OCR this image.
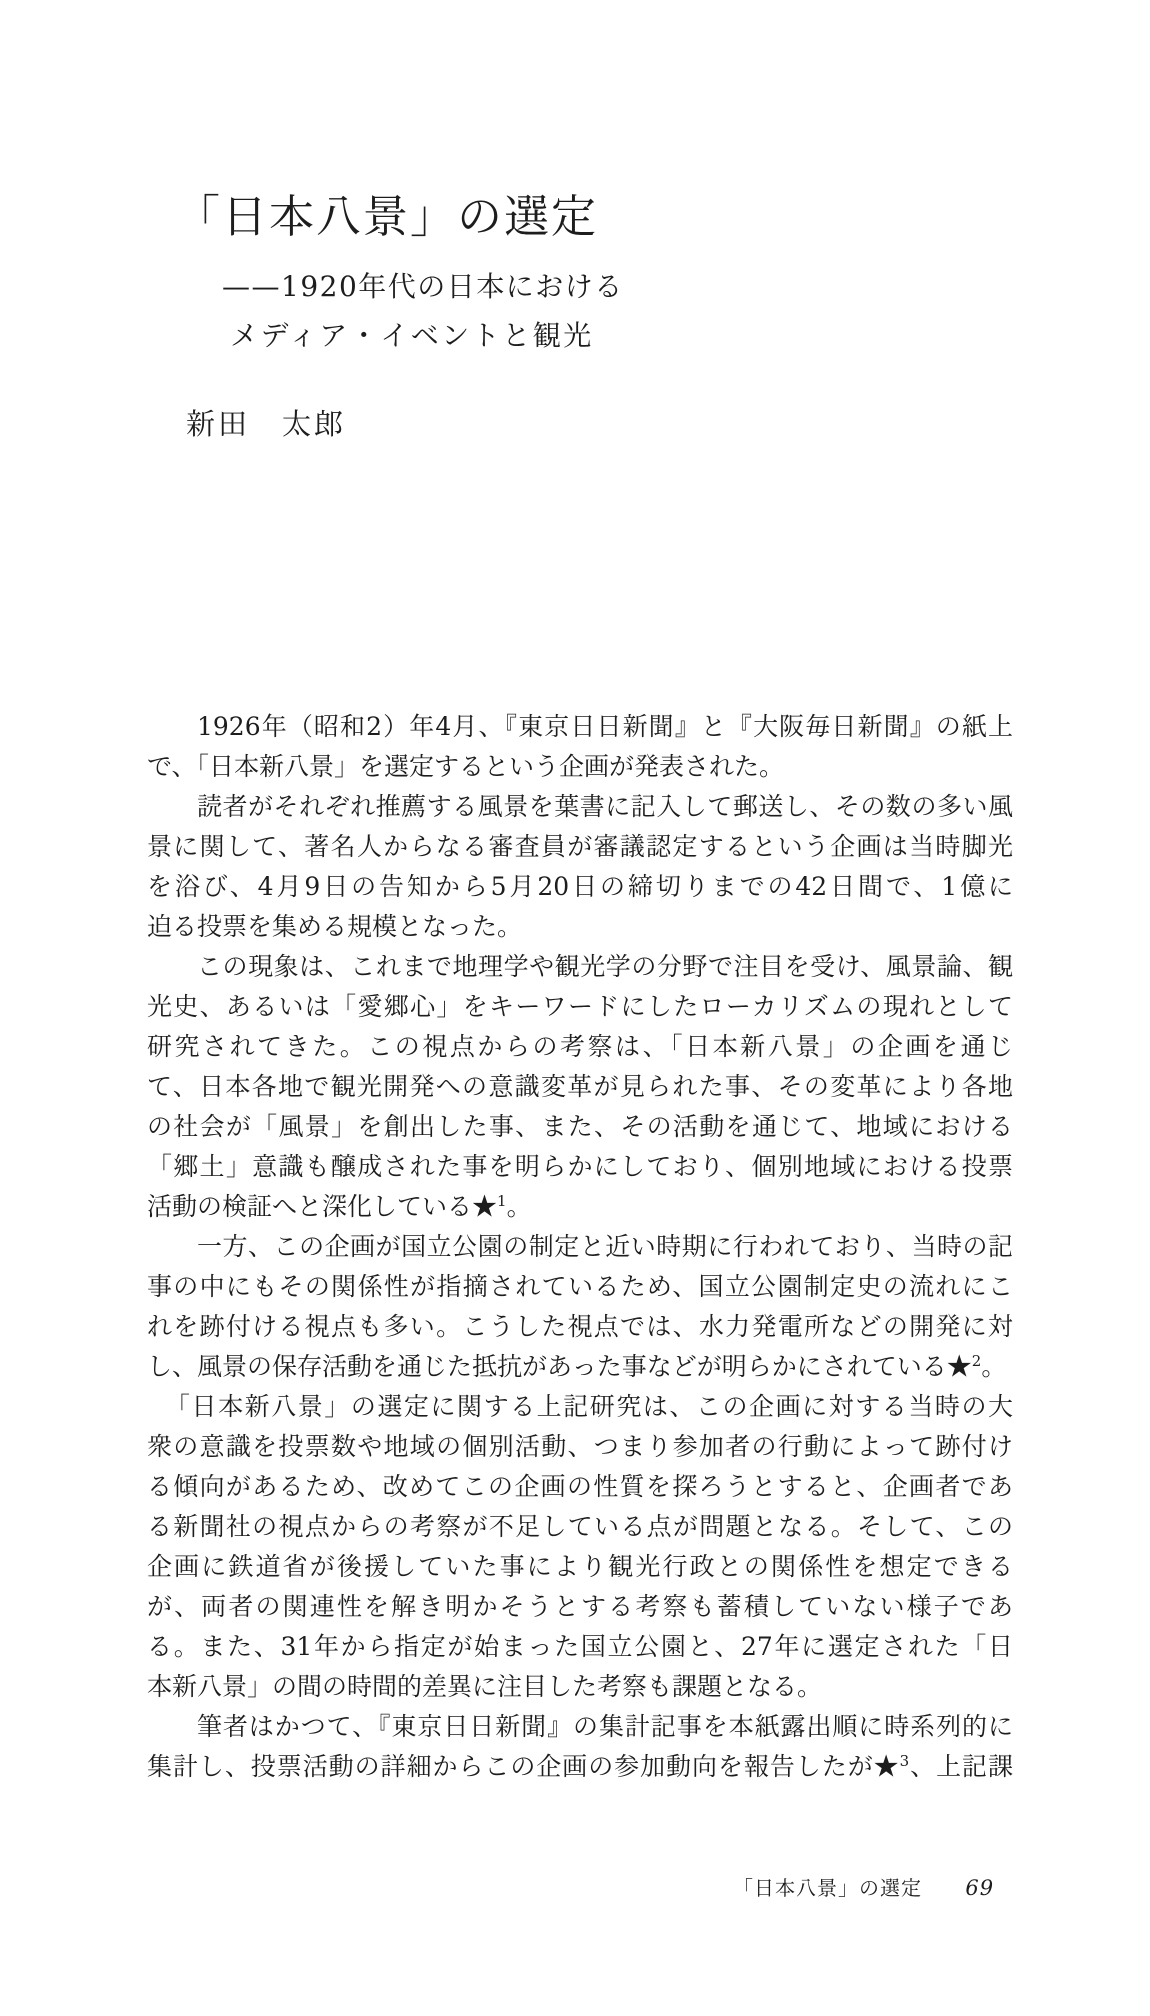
「日本八景」の選定
——1920年代の日本における
メディア・イベントと観光
新田　太郎
1926年（昭和2）年4月、『東京日日新聞』と『大阪毎日新聞』の紙上
で、「日本新八景」を選定するという企画が発表された。
読者がそれぞれ推薦する風景を葉書に記入して郵送し、その数の多い風
景に関して、著名人からなる審査員が審議認定するという企画は当時脚光
を浴び、4月9日の告知から5月20日の締切りまでの42日間で、1億に
迫る投票を集める規模となった。
この現象は、これまで地理学や観光学の分野で注目を受け、風景論、観
光史、あるいは「愛郷心」をキーワードにしたローカリズムの現れとして
研究されてきた。この視点からの考察は、「日本新八景」の企画を通じ
て、日本各地で観光開発への意識変革が見られた事、その変革により各地
の社会が「風景」を創出した事、また、その活動を通じて、地域における
「郷土」意識も醸成された事を明らかにしており、個別地域における投票
活動の検証へと深化している★$^1$。
一方、この企画が国立公園の制定と近い時期に行われており、当時の記
事の中にもその関係性が指摘されているため、国立公園制定史の流れにこ
れを跡付ける視点も多い。こうした視点では、水力発電所などの開発に対
し、風景の保存活動を通じた抵抗があった事などが明らかにされている★$^2$。
「日本新八景」の選定に関する上記研究は、この企画に対する当時の大
衆の意識を投票数や地域の個別活動、つまり参加者の行動によって跡付け
る傾向があるため、改めてこの企画の性質を探ろうとすると、企画者であ
る新聞社の視点からの考察が不足している点が問題となる。そして、この
企画に鉄道省が後援していた事により観光行政との関係性を想定できる
が、両者の関連性を解き明かそうとする考察も蓄積していない様子であ
る。また、31年から指定が始まった国立公園と、27年に選定された「日
本新八景」の間の時間的差異に注目した考察も課題となる。
筆者はかつて、『東京日日新聞』の集計記事を本紙露出順に時系列的に
集計し、投票活動の詳細からこの企画の参加動向を報告したが★$^3$、上記課
「日本八景」の選定 69
